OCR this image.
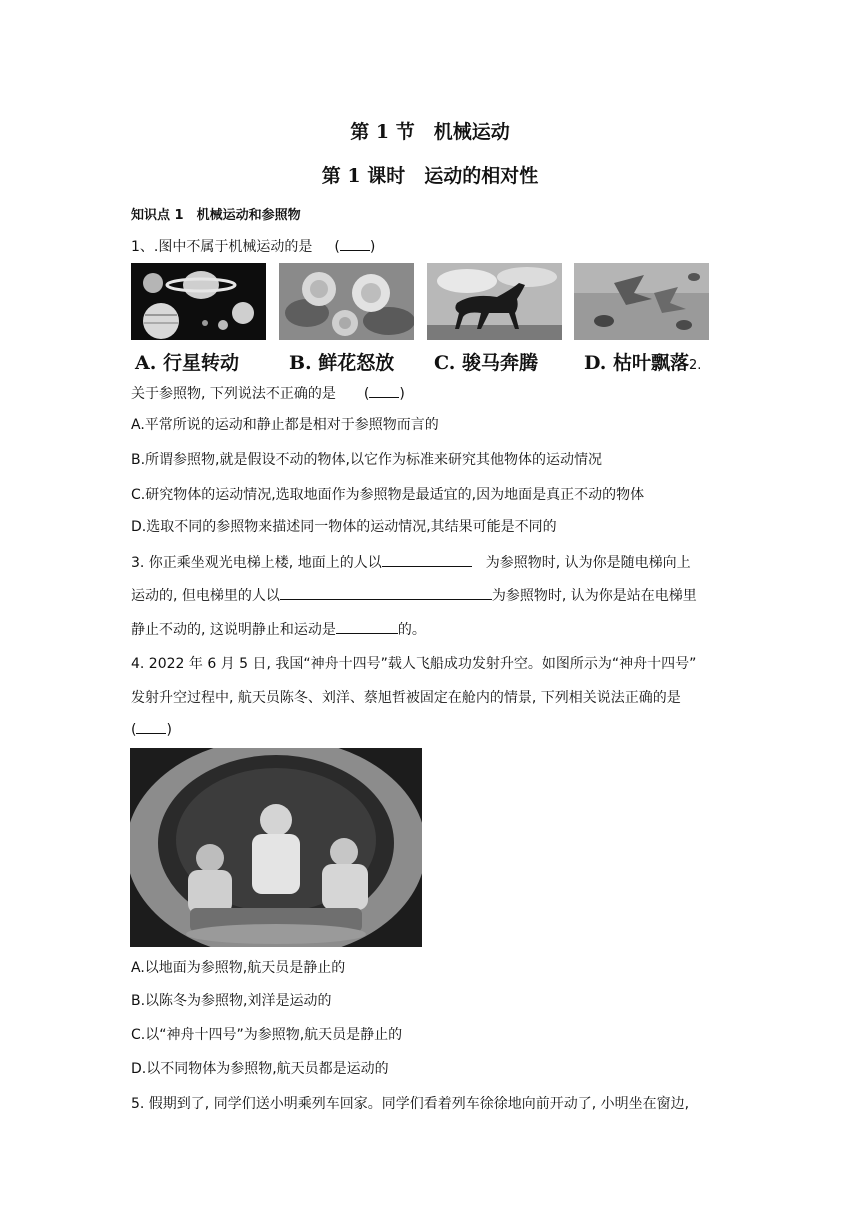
第 1 节　机械运动
第 1 课时　运动的相对性
知识点 1　机械运动和参照物
1、.图中不属于机械运动的是 ( )
A. 行星转动	B. 鲜花怒放 C. 骏马奔腾 D. 枯叶飘落2.
关于参照物, 下列说法不正确的是 ( )
A.平常所说的运动和静止都是相对于参照物而言的
B.所谓参照物,就是假设不动的物体,以它作为标准来研究其他物体的运动情况
C.研究物体的运动情况,选取地面作为参照物是最适宜的,因为地面是真正不动的物体
D.选取不同的参照物来描述同一物体的运动情况,其结果可能是不同的
3. 你正乘坐观光电梯上楼, 地面上的人以	为参照物时, 认为你是随电梯向上
运动的, 但电梯里的人以	为参照物时, 认为你是站在电梯里
静止不动的, 这说明静止和运动是	的。
4. 2022 年 6 月 5 日, 我国“神舟十四号”载人飞船成功发射升空。如图所示为“神舟十四号”
发射升空过程中, 航天员陈冬、刘洋、蔡旭哲被固定在舱内的情景, 下列相关说法正确的是
( )
A.以地面为参照物,航天员是静止的
B.以陈冬为参照物,刘洋是运动的
C.以“神舟十四号”为参照物,航天员是静止的
D.以不同物体为参照物,航天员都是运动的
5. 假期到了, 同学们送小明乘列车回家。同学们看着列车徐徐地向前开动了, 小明坐在窗边,
